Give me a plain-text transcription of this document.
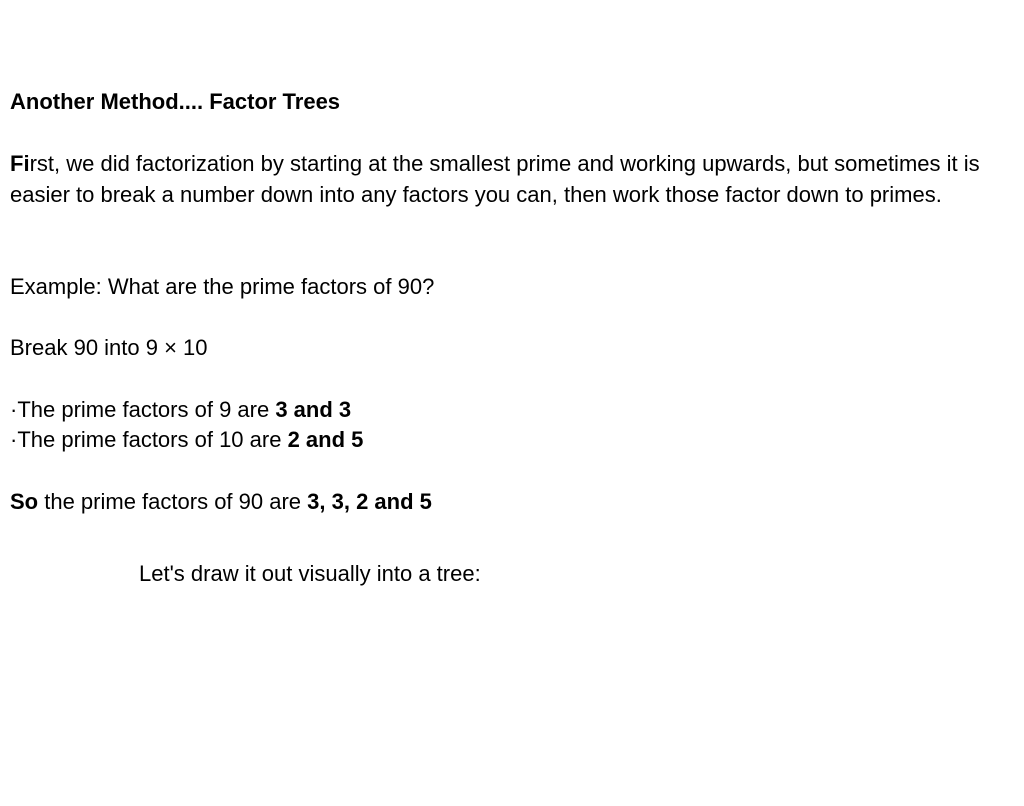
Another Method.... Factor Trees
First, we did factorization by starting at the smallest prime and working upwards, but sometimes it is easier to break a number down into any factors you can, then work those factor down to primes.
Example: What are the prime factors of 90?
Break 90 into 9 × 10
·The prime factors of 9 are 3 and 3
·The prime factors of 10 are 2 and 5
So the prime factors of 90 are 3, 3, 2 and 5
Let's draw it out visually into a tree:
